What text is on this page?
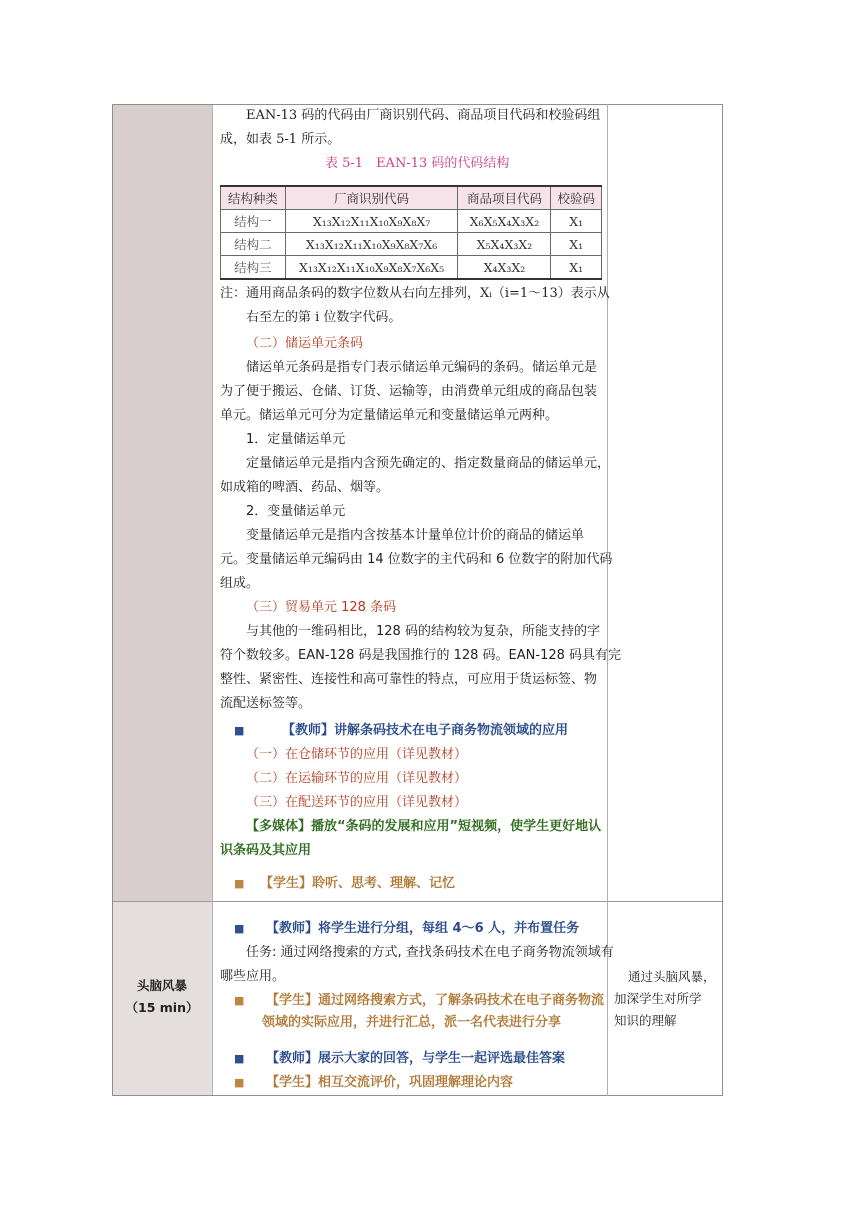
EAN-13 码的代码由厂商识别代码、商品项目代码和校验码组
成，如表 5-1 所示。
表 5-1　EAN-13 码的代码结构
结构种类	厂商识别代码	商品项目代码	校验码
结构一	X₁₃X₁₂X₁₁X₁₀X₉X₈X₇	X₆X₅X₄X₃X₂	X₁
结构二	X₁₃X₁₂X₁₁X₁₀X₉X₈X₇X₆	X₅X₄X₃X₂	X₁
结构三	X₁₃X₁₂X₁₁X₁₀X₉X₈X₇X₆X₅	X₄X₃X₂	X₁
注：通用商品条码的数字位数从右向左排列，Xᵢ（i=1～13）表示从
右至左的第 i 位数字代码。
（二）储运单元条码
储运单元条码是指专门表示储运单元编码的条码。储运单元是
为了便于搬运、仓储、订货、运输等，由消费单元组成的商品包装
单元。储运单元可分为定量储运单元和变量储运单元两种。
1．定量储运单元
定量储运单元是指内含预先确定的、指定数量商品的储运单元，
如成箱的啤酒、药品、烟等。
2．变量储运单元
变量储运单元是指内含按基本计量单位计价的商品的储运单
元。变量储运单元编码由 14 位数字的主代码和 6 位数字的附加代码
组成。
（三）贸易单元 128 条码
与其他的一维码相比，128 码的结构较为复杂，所能支持的字
符个数较多。EAN-128 码是我国推行的 128 码。EAN-128 码具有完
整性、紧密性、连接性和高可靠性的特点，可应用于货运标签、物
流配送标签等。
■	【教师】讲解条码技术在电子商务物流领域的应用
（一）在仓储环节的应用（详见教材）
（二）在运输环节的应用（详见教材）
（三）在配送环节的应用（详见教材）
【多媒体】播放“条码的发展和应用”短视频，使学生更好地认
识条码及其应用
■ 【学生】聆听、思考、理解、记忆
头脑风暴
（15 min）
■ 【教师】将学生进行分组，每组 4～6 人，并布置任务
任务: 通过网络搜索的方式, 查找条码技术在电子商务物流领域有
哪些应用。
■ 【学生】通过网络搜索方式，了解条码技术在电子商务物流
领域的实际应用，并进行汇总，派一名代表进行分享
■ 【教师】展示大家的回答，与学生一起评选最佳答案
■ 【学生】相互交流评价，巩固理解理论内容
通过头脑风暴，
加深学生对所学
知识的理解
